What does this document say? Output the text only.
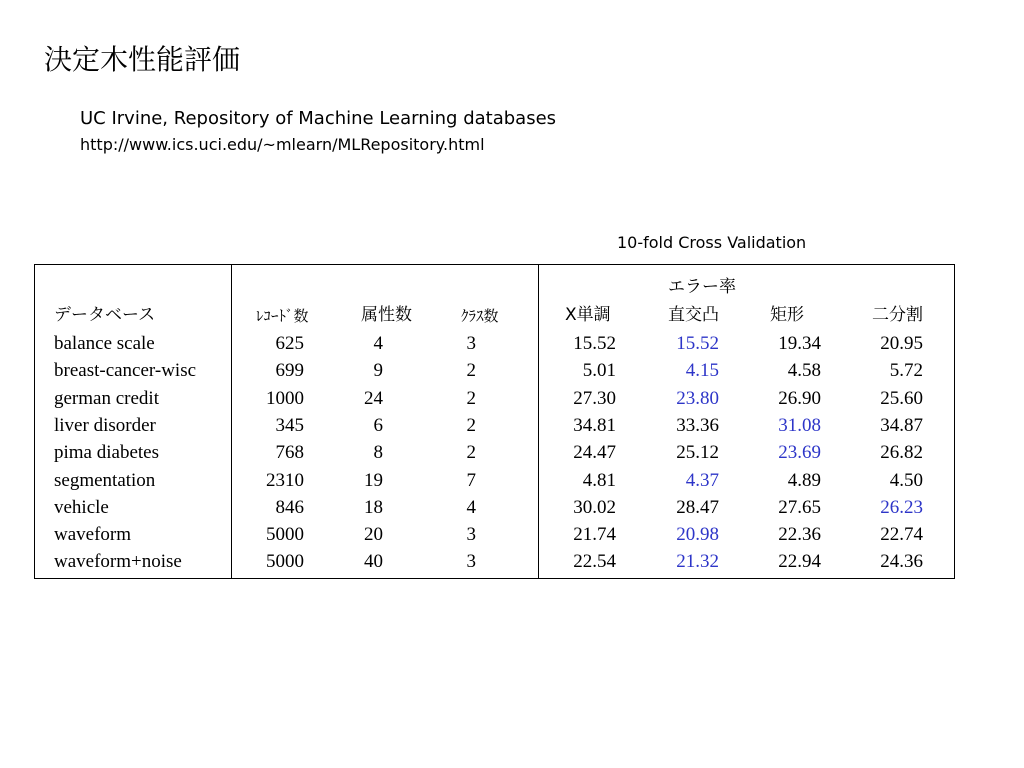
決定木性能評価
UC Irvine, Repository of Machine Learning databases
http://www.ics.uci.edu/~mlearn/MLRepository.html
10-fold Cross Validation
エラー率
データベース	ﾚｺｰﾄﾞ数	属性数	ｸﾗｽ数	X単調	直交凸	矩形	二分割
balance scale	625	4	3	15.52	15.52	19.34	20.95
breast-cancer-wisc	699	9	2	5.01	4.15	4.58	5.72
german credit	1000	24	2	27.30	23.80	26.90	25.60
liver disorder	345	6	2	34.81	33.36	31.08	34.87
pima diabetes	768	8	2	24.47	25.12	23.69	26.82
segmentation	2310	19	7	4.81	4.37	4.89	4.50
vehicle	846	18	4	30.02	28.47	27.65	26.23
waveform	5000	20	3	21.74	20.98	22.36	22.74
waveform+noise	5000	40	3	22.54	21.32	22.94	24.36
